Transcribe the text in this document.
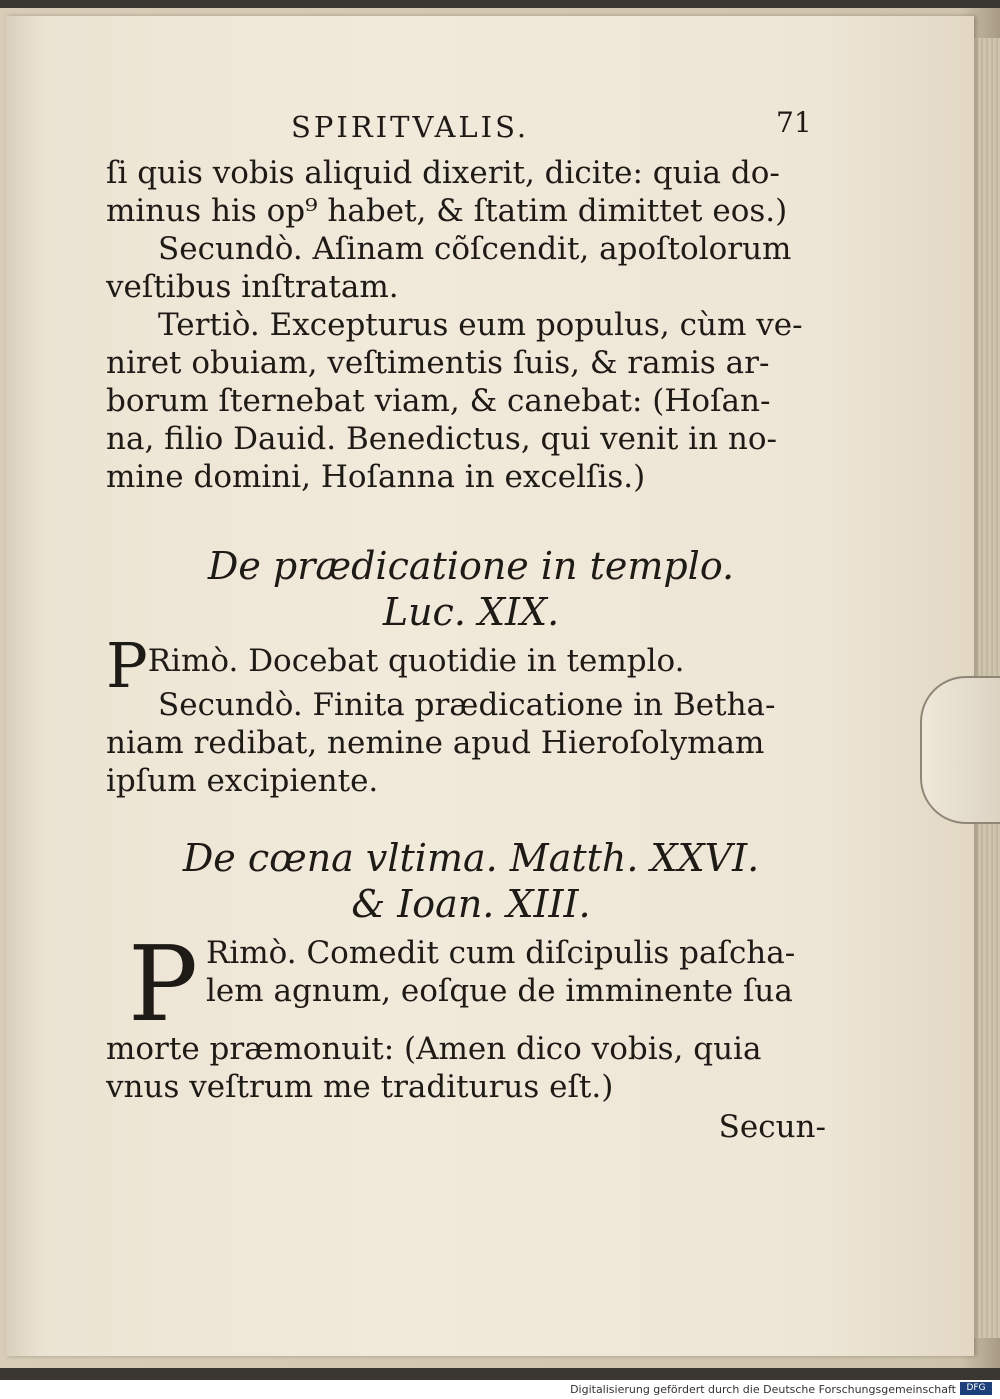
SPIRITVALIS.	71
ſi quis vobis aliquid dixerit, dicite: quia do-
minus his op⁹ habet, & ſtatim dimittet eos.)
Secundò. Aſinam cõſcendit, apoſtolorum
veſtibus inſtratam.
Tertiò. Excepturus eum populus, cùm ve-
niret obuiam, veſtimentis ſuis, & ramis ar-
borum ſternebat viam, & canebat: (Hoſan-
na, filio Dauid. Benedictus, qui venit in no-
mine domini, Hoſanna in excelſis.)
De prædicatione in templo.
Luc. XIX.
PRimò. Docebat quotidie in templo.
Secundò. Finita prædicatione in Betha-
niam redibat, nemine apud Hieroſolymam
ipſum excipiente.
De cœna vltima. Matth. XXVI.
& Ioan. XIII.
P Rimò. Comedit cum diſcipulis paſcha-
lem agnum, eoſque de imminente ſua
morte præmonuit: (Amen dico vobis, quia
vnus veſtrum me traditurus eſt.)
Secun-
Digitalisierung gefördert durch die Deutsche Forschungsgemeinschaft	DFG
